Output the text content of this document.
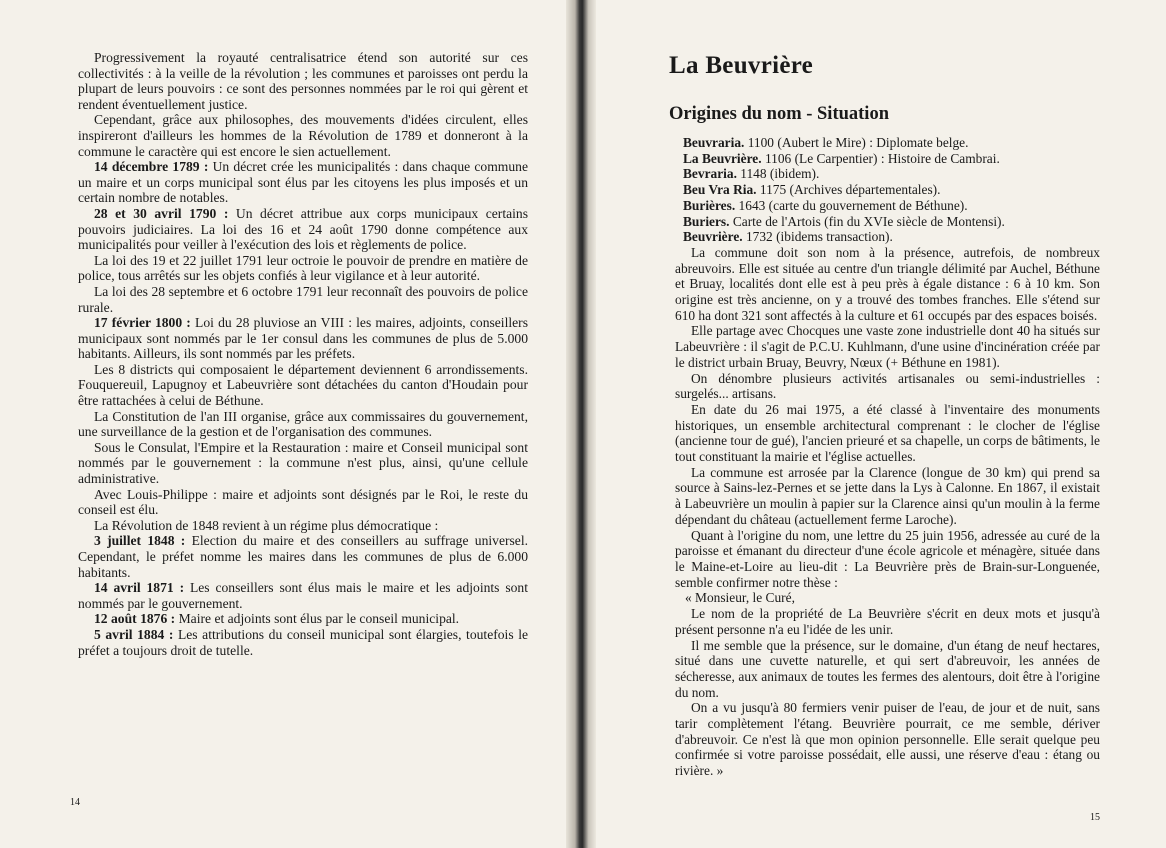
Progressivement la royauté centralisatrice étend son autorité sur ces collectivités : à la veille de la révolution ; les communes et paroisses ont perdu la plupart de leurs pouvoirs : ce sont des personnes nommées par le roi qui gèrent et rendent éventuellement justice.

Cependant, grâce aux philosophes, des mouvements d'idées circulent, elles inspireront d'ailleurs les hommes de la Révolution de 1789 et donneront à la commune le caractère qui est encore le sien actuellement.

14 décembre 1789 : Un décret crée les municipalités : dans chaque commune un maire et un corps municipal sont élus par les citoyens les plus imposés et un certain nombre de notables.

28 et 30 avril 1790 : Un décret attribue aux corps municipaux certains pouvoirs judiciaires. La loi des 16 et 24 août 1790 donne compétence aux municipalités pour veiller à l'exécution des lois et règlements de police.

La loi des 19 et 22 juillet 1791 leur octroie le pouvoir de prendre en matière de police, tous arrêtés sur les objets confiés à leur vigilance et à leur autorité.

La loi des 28 septembre et 6 octobre 1791 leur reconnaît des pouvoirs de police rurale.

17 février 1800 : Loi du 28 pluviose an VIII : les maires, adjoints, conseillers municipaux sont nommés par le 1er consul dans les communes de plus de 5.000 habitants. Ailleurs, ils sont nommés par les préfets.

Les 8 districts qui composaient le département deviennent 6 arrondissements. Fouquereuil, Lapugnoy et Labeuvrière sont détachées du canton d'Houdain pour être rattachées à celui de Béthune.

La Constitution de l'an III organise, grâce aux commissaires du gouvernement, une surveillance de la gestion et de l'organisation des communes.

Sous le Consulat, l'Empire et la Restauration : maire et Conseil municipal sont nommés par le gouvernement : la commune n'est plus, ainsi, qu'une cellule administrative.

Avec Louis-Philippe : maire et adjoints sont désignés par le Roi, le reste du conseil est élu.

La Révolution de 1848 revient à un régime plus démocratique :

3 juillet 1848 : Election du maire et des conseillers au suffrage universel. Cependant, le préfet nomme les maires dans les communes de plus de 6.000 habitants.

14 avril 1871 : Les conseillers sont élus mais le maire et les adjoints sont nommés par le gouvernement.

12 août 1876 : Maire et adjoints sont élus par le conseil municipal.

5 avril 1884 : Les attributions du conseil municipal sont élargies, toutefois le préfet a toujours droit de tutelle.

14
La Beuvrière
Origines du nom - Situation

Beuvraria. 1100 (Aubert le Mire) : Diplomate belge.

La Beuvrière. 1106 (Le Carpentier) : Histoire de Cambrai.

Bevraria. 1148 (ibidem).

Beu Vra Ria. 1175 (Archives départementales).

Burières. 1643 (carte du gouvernement de Béthune).

Buriers. Carte de l'Artois (fin du XVIe siècle de Montensi).

Beuvrière. 1732 (ibidems transaction).

La commune doit son nom à la présence, autrefois, de nombreux abreuvoirs. Elle est située au centre d'un triangle délimité par Auchel, Béthune et Bruay, localités dont elle est à peu près à égale distance : 6 à 10 km. Son origine est très ancienne, on y a trouvé des tombes franches. Elle s'étend sur 610 ha dont 321 sont affectés à la culture et 61 occupés par des espaces boisés.

Elle partage avec Chocques une vaste zone industrielle dont 40 ha situés sur Labeuvrière : il s'agit de P.C.U. Kuhlmann, d'une usine d'incinération créée par le district urbain Bruay, Beuvry, Nœux (+ Béthune en 1981).

On dénombre plusieurs activités artisanales ou semi-industrielles : surgelés... artisans.

En date du 26 mai 1975, a été classé à l'inventaire des monuments historiques, un ensemble architectural comprenant : le clocher de l'église (ancienne tour de gué), l'ancien prieuré et sa chapelle, un corps de bâtiments, le tout constituant la mairie et l'église actuelles.

La commune est arrosée par la Clarence (longue de 30 km) qui prend sa source à Sains-lez-Pernes et se jette dans la Lys à Calonne. En 1867, il existait à Labeuvrière un moulin à papier sur la Clarence ainsi qu'un moulin à la ferme dépendant du château (actuellement ferme Laroche).

Quant à l'origine du nom, une lettre du 25 juin 1956, adressée au curé de la paroisse et émanant du directeur d'une école agricole et ménagère, située dans le Maine-et-Loire au lieu-dit : La Beuvrière près de Brain-sur-Longuenée, semble confirmer notre thèse :

« Monsieur, le Curé,

Le nom de la propriété de La Beuvrière s'écrit en deux mots et jusqu'à présent personne n'a eu l'idée de les unir.

Il me semble que la présence, sur le domaine, d'un étang de neuf hectares, situé dans une cuvette naturelle, et qui sert d'abreuvoir, les années de sécheresse, aux animaux de toutes les fermes des alentours, doit être à l'origine du nom.

On a vu jusqu'à 80 fermiers venir puiser de l'eau, de jour et de nuit, sans tarir complètement l'étang. Beuvrière pourrait, ce me semble, dériver d'abreuvoir. Ce n'est là que mon opinion personnelle. Elle serait quelque peu confirmée si votre paroisse possédait, elle aussi, une réserve d'eau : étang ou rivière. »

15
